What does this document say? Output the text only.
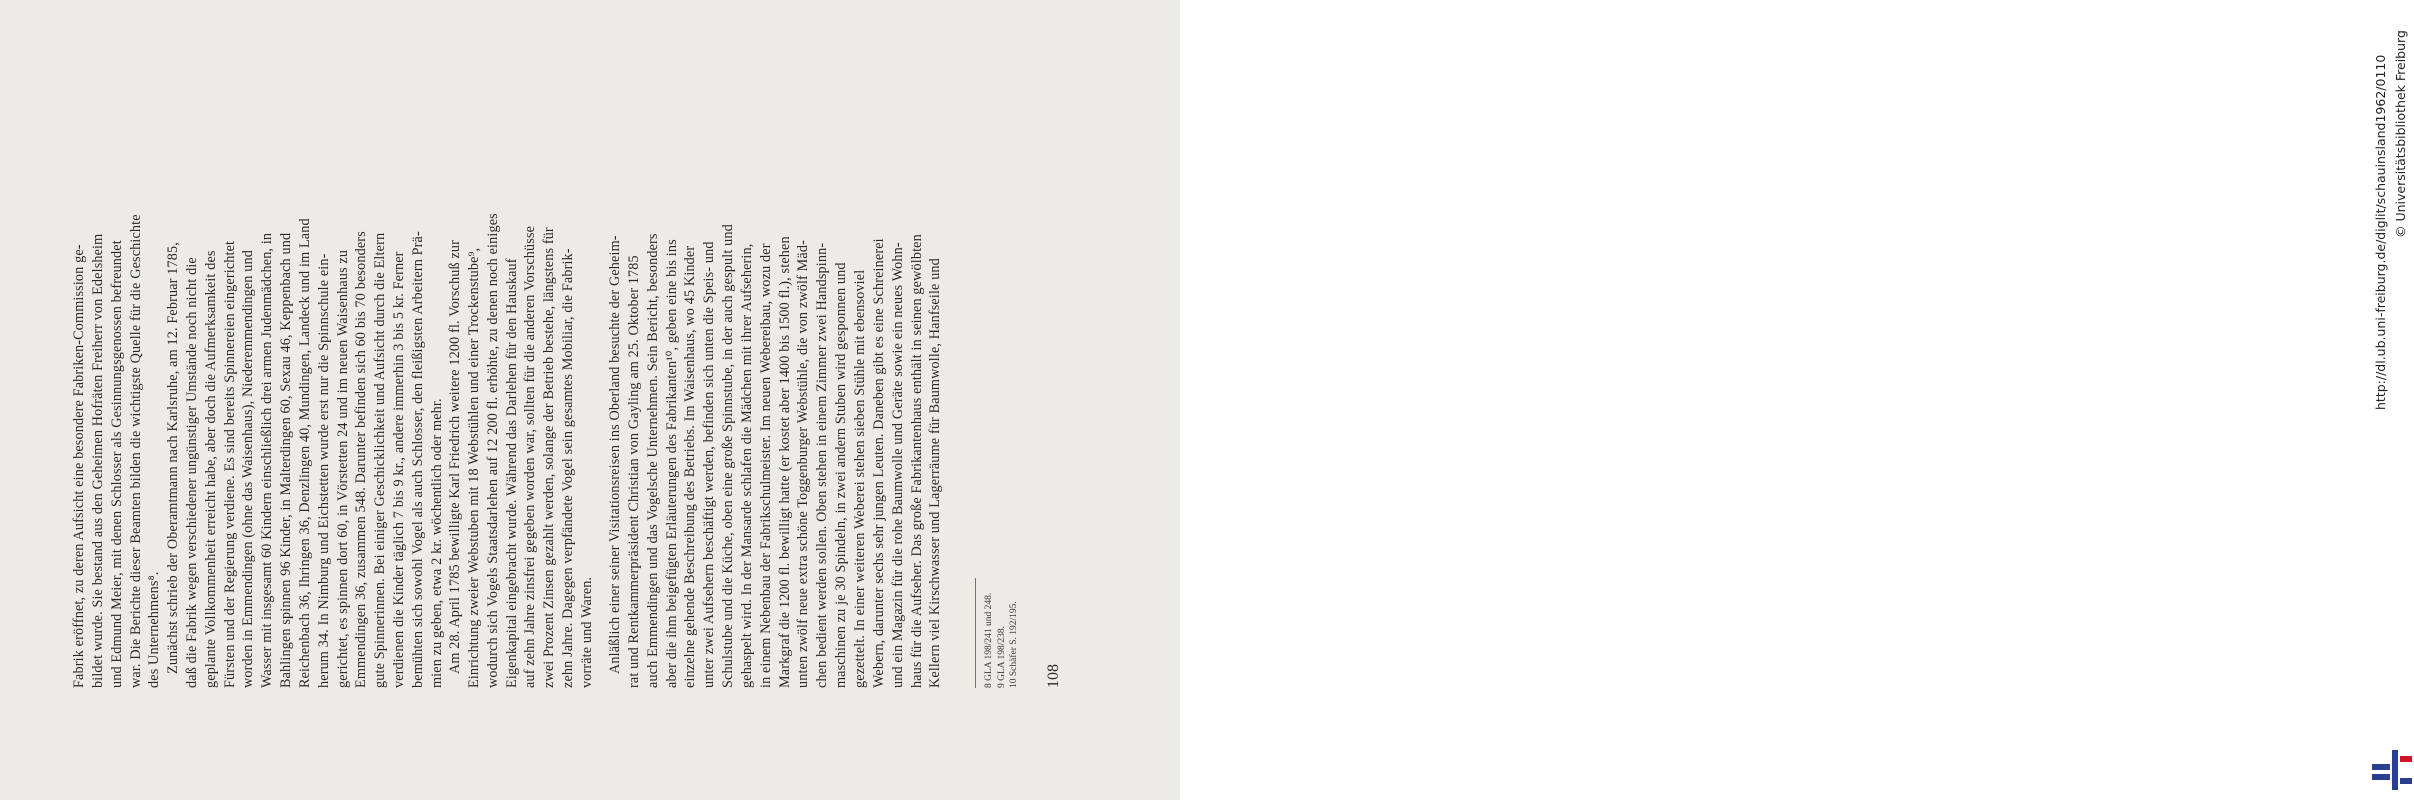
Fabrik eröffnet, zu deren Aufsicht eine besondere Fabriken-Commission ge- bildet wurde. Sie bestand aus den Geheimen Hofräten Freiherr von Edelsheim und Edmund Meier, mit denen Schlosser als Gesinnungsgenossen befreundet war. Die Berichte dieser Beamten bilden die wichtigste Quelle für die Geschichte des Unternehmens⁸. Zunächst schrieb der Oberamtmann nach Karlsruhe, am 12. Februar 1785, daß die Fabrik wegen verschiedener ungünstiger Umstände noch nicht die geplante Vollkommenheit erreicht habe, aber doch die Aufmerksamkeit des Fürsten und der Regierung verdiene. Es sind bereits Spinnereien eingerichtet worden in Emmendingen (ohne das Waisenhaus), Niederemmendingen und Wasser mit insgesamt 60 Kindern einschließlich drei armen Judenmädchen, in Bahlingen spinnen 96 Kinder, in Malterdingen 60, Sexau 46, Keppenbach und Reichenbach 36, Ihringen 36, Denzlingen 40, Mundingen, Landeck und im Land herum 34. In Nimburg und Eichstetten wurde erst nur die Spinnschule ein- gerichtet, es spinnen dort 60, in Vörstetten 24 und im neuen Waisenhaus zu Emmendingen 36, zusammen 548. Darunter befinden sich 60 bis 70 besonders gute Spinnerinnen. Bei einiger Geschicklichkeit und Aufsicht durch die Eltern verdienen die Kinder täglich 7 bis 9 kr., andere immerhin 3 bis 5 kr. Ferner bemühten sich sowohl Vogel als auch Schlosser, den fleißigsten Arbeitern Prä- mien zu geben, etwa 2 kr. wöchentlich oder mehr. Am 28. April 1785 bewilligte Karl Friedrich weitere 1200 fl. Vorschuß zur Einrichtung zweier Webstuben mit 18 Webstühlen und einer Trockenstube⁹, wodurch sich Vogels Staatsdarlehen auf 12 200 fl. erhöhte, zu denen noch einiges Eigenkapital eingebracht wurde. Während das Darlehen für den Hauskauf auf zehn Jahre zinsfrei gegeben worden war, sollten für die anderen Vorschüsse zwei Prozent Zinsen gezahlt werden, solange der Betrieb bestehe, längstens für zehn Jahre. Dagegen verpfändete Vogel sein gesamtes Mobiliar, die Fabrik- vorräte und Waren. Anläßlich einer seiner Visitationsreisen ins Oberland besuchte der Geheim- rat und Rentkammerpräsident Christian von Gayling am 25. Oktober 1785 auch Emmendingen und das Vogelsche Unternehmen. Sein Bericht, besonders aber die ihm beigefügten Erläuterungen des Fabrikanten¹⁰, geben eine bis ins einzelne gehende Beschreibung des Betriebs. Im Waisenhaus, wo 45 Kinder unter zwei Aufsehern beschäftigt werden, befinden sich unten die Speis- und Schulstube und die Küche, oben eine große Spinnstube, in der auch gespult und gehaspelt wird. In der Mansarde schlafen die Mädchen mit ihrer Aufseherin, in einem Nebenbau der Fabrikschulmeister. Im neuen Webereibau, wozu der Markgraf die 1200 fl. bewilligt hatte (er kostet aber 1400 bis 1500 fl.), stehen unten zwölf neue extra schöne Toggenburger Webstühle, die von zwölf Mäd- chen bedient werden sollen. Oben stehen in einem Zimmer zwei Handspinn- maschinen zu je 30 Spindeln, in zwei andern Stuben wird gesponnen und gezettelt. In einer weiteren Weberei stehen sieben Stühle mit ebensoviel Webern, darunter sechs sehr jungen Leuten. Daneben gibt es eine Schreinerei und ein Magazin für die rohe Baumwolle und Geräte sowie ein neues Wohn- haus für die Aufseher. Das große Fabrikantenhaus enthält in seinen gewölbten Kellern viel Kirschwasser und Lagerräume für Baumwolle, Hanfseile und	8 GLA 198/241 und 248. 9 GLA 198/238. 10 Schäfer S. 192/195. 108
http://dl.ub.uni-freiburg.de/diglit/schauinsland1962/0110 © Universitätsbibliothek Freiburg
